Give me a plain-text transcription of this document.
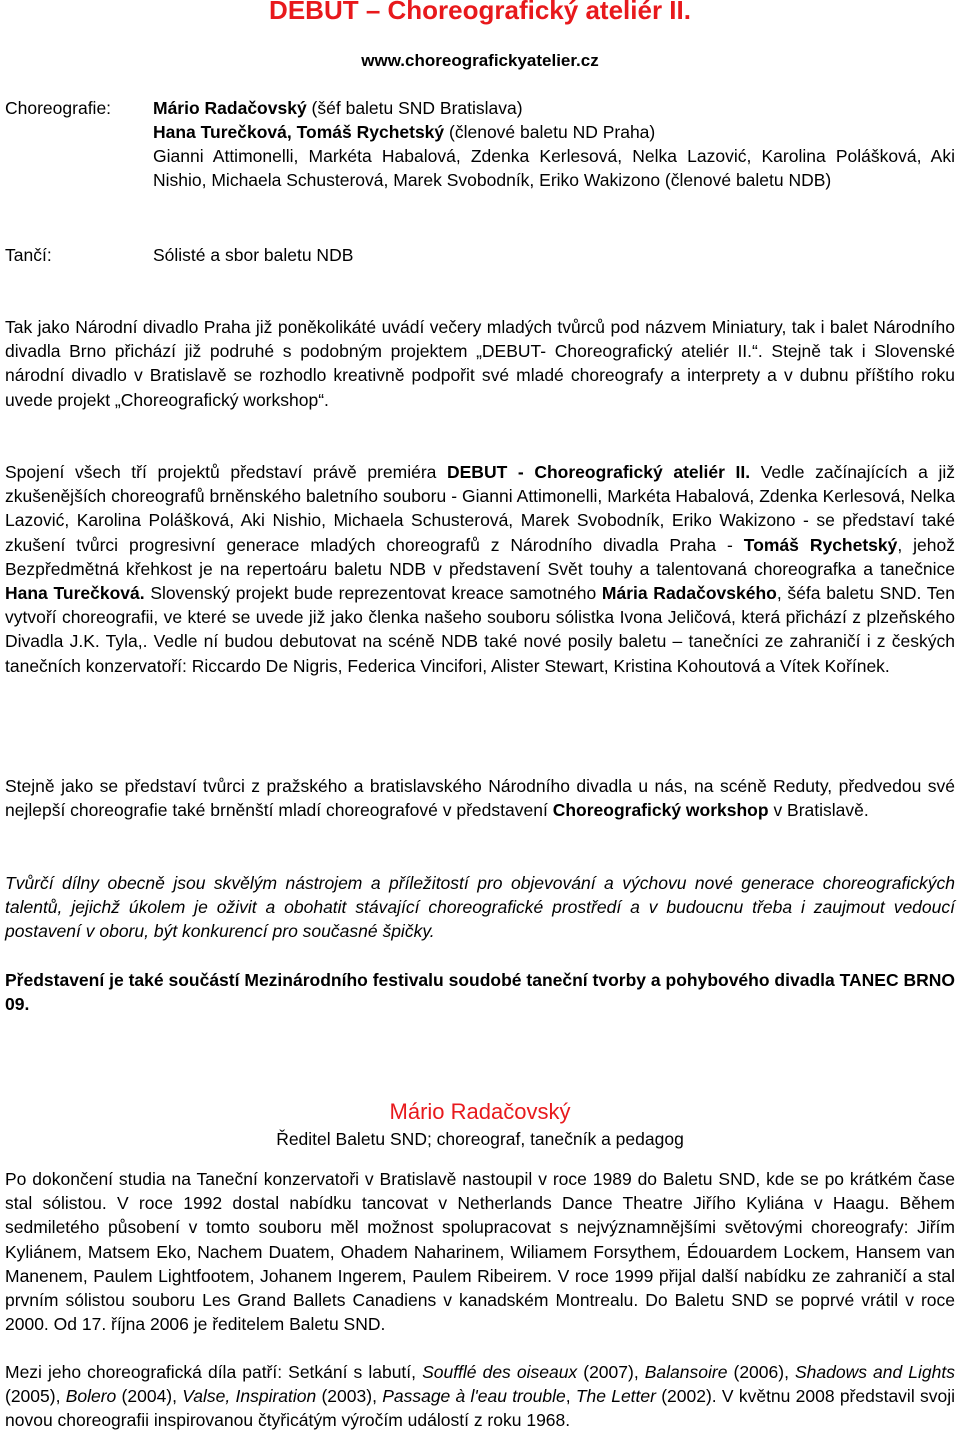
DEBUT – Choreografický ateliér II.
www.choreografickyatelier.cz
Choreografie: Mário Radačovský (šéf baletu SND Bratislava)
Hana Turečková, Tomáš Rychetský (členové baletu ND Praha)
Gianni Attimonelli, Markéta Habalová, Zdenka Kerlesová, Nelka Lazović, Karolina Polášková, Aki Nishio, Michaela Schusterová, Marek Svobodník, Eriko Wakizono (členové baletu NDB)
Tančí:	Sólisté a sbor baletu NDB

Tak jako Národní divadlo Praha již poněkolikáté uvádí večery mladých tvůrců pod názvem Miniatury, tak i balet Národního divadla Brno přichází již podruhé s podobným projektem „DEBUT- Choreografický ateliér II.“. Stejně tak i Slovenské národní divadlo v Bratislavě se rozhodlo kreativně podpořit své mladé choreografy a interprety a v dubnu příštího roku uvede projekt „Choreografický workshop“.

Spojení všech tří projektů představí právě premiéra DEBUT - Choreografický ateliér II. Vedle začínajících a již zkušenějších choreografů brněnského baletního souboru - Gianni Attimonelli, Markéta Habalová, Zdenka Kerlesová, Nelka Lazović, Karolina Polášková, Aki Nishio, Michaela Schusterová, Marek Svobodník, Eriko Wakizono - se představí také zkušení tvůrci progresivní generace mladých choreografů z Národního divadla Praha - Tomáš Rychetský, jehož Bezpředmětná křehkost je na repertoáru baletu NDB v představení Svět touhy a talentovaná choreografka a tanečnice Hana Turečková. Slovenský projekt bude reprezentovat kreace samotného Mária Radačovského, šéfa baletu SND. Ten vytvoří choreografii, ve které se uvede již jako členka našeho souboru sólistka Ivona Jeličová, která přichází z plzeňského Divadla J.K. Tyla,. Vedle ní budou debutovat na scéně NDB také nové posily baletu – tanečníci ze zahraničí i z českých tanečních konzervatoří: Riccardo De Nigris, Federica Vincifori, Alister Stewart, Kristina Kohoutová a Vítek Kořínek.

Stejně jako se představí tvůrci z pražského a bratislavského Národního divadla u nás, na scéně Reduty, předvedou své nejlepší choreografie také brněnští mladí choreografové v představení Choreografický workshop v Bratislavě.

Tvůrčí dílny obecně jsou skvělým nástrojem a příležitostí pro objevování a výchovu nové generace choreografických talentů, jejichž úkolem je oživit a obohatit stávající choreografické prostředí a v budoucnu třeba i zaujmout vedoucí postavení v oboru, být konkurencí pro současné špičky.

Představení je také součástí Mezinárodního festivalu soudobé taneční tvorby a pohybového divadla TANEC BRNO 09.

Mário Radačovský
Ředitel Baletu SND; choreograf, tanečník a pedagog

Po dokončení studia na Taneční konzervatoři v Bratislavě nastoupil v roce 1989 do Baletu SND, kde se po krátkém čase stal sólistou. V roce 1992 dostal nabídku tancovat v Netherlands Dance Theatre Jiřího Kyliána v Haagu. Během sedmiletého působení v tomto souboru měl možnost spolupracovat s nejvýznamnějšími světovými choreografy: Jiřím Kyliánem, Matsem Eko, Nachem Duatem, Ohadem Naharinem, Wiliamem Forsythem, Édouardem Lockem, Hansem van Manenem, Paulem Lightfootem, Johanem Ingerem, Paulem Ribeirem. V roce 1999 přijal další nabídku ze zahraničí a stal prvním sólistou souboru Les Grand Ballets Canadiens v kanadském Montrealu. Do Baletu SND se poprvé vrátil v roce 2000. Od 17. října 2006 je ředitelem Baletu SND.

Mezi jeho choreografická díla patří: Setkání s labutí, Soufflé des oiseaux (2007), Balansoire (2006), Shadows and Lights (2005), Bolero (2004), Valse, Inspiration (2003), Passage à l'eau trouble, The Letter (2002). V květnu 2008 představil svoji novou choreografii inspirovanou čtyřicátým výročím událostí z roku 1968.
